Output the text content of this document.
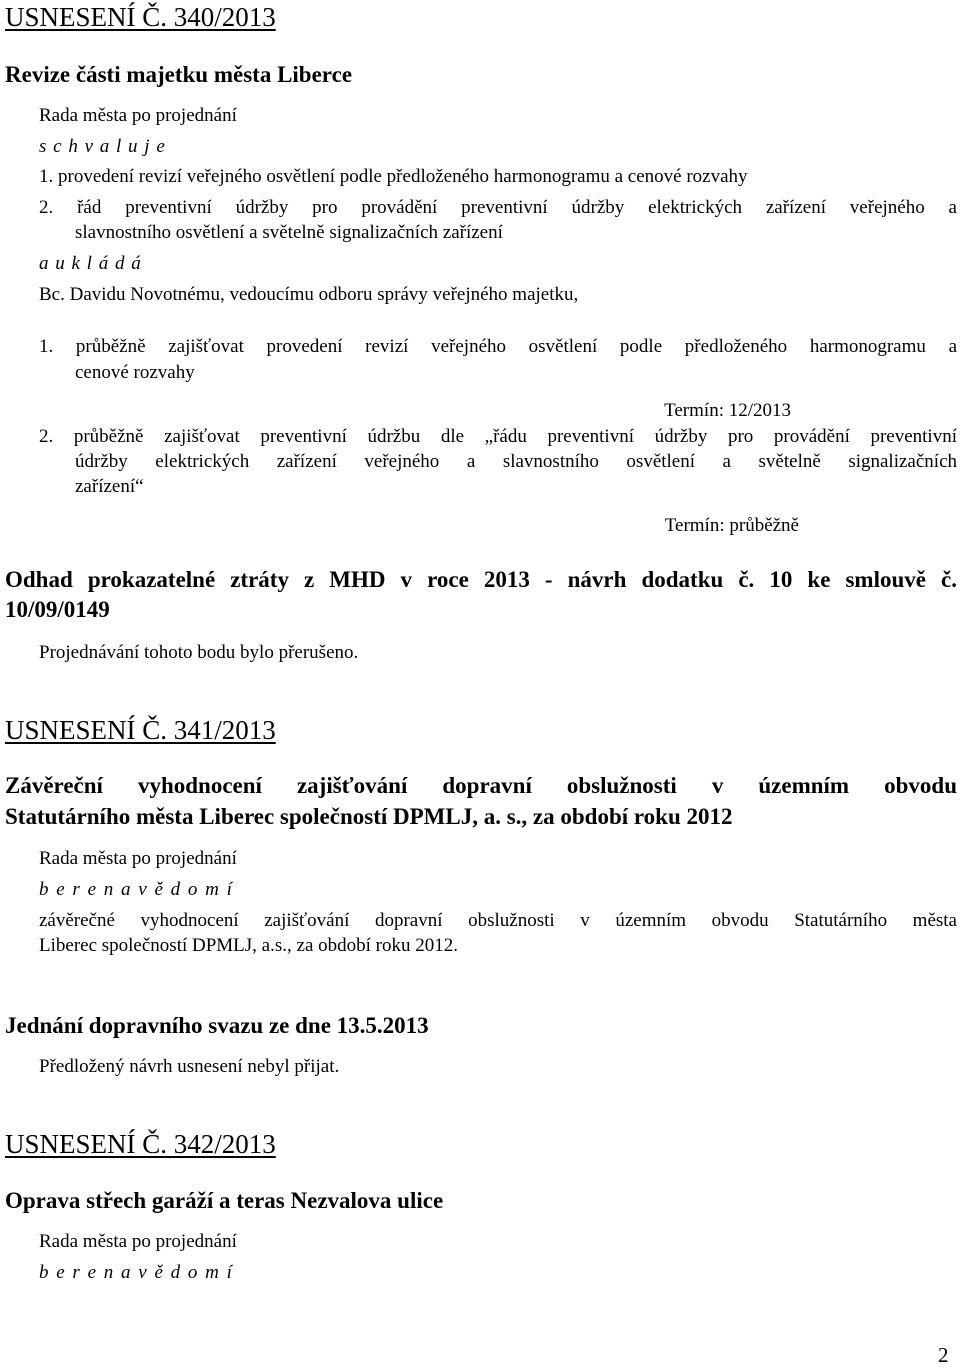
USNESENÍ Č. 340/2013
Revize části majetku města Liberce
Rada města po projednání
s c h v a l u j e
1. provedení revizí veřejného osvětlení podle předloženého harmonogramu a cenové rozvahy
2. řád preventivní údržby pro provádění preventivní údržby elektrických zařízení veřejného a
slavnostního osvětlení a světelně signalizačních zařízení
a u k l á d á
Bc. Davidu Novotnému, vedoucímu odboru správy veřejného majetku,
1. průběžně zajišťovat provedení revizí veřejného osvětlení podle předloženého harmonogramu a
cenové rozvahy
Termín: 12/2013
2. průběžně zajišťovat preventivní údržbu dle „řádu preventivní údržby pro provádění preventivní
údržby elektrických zařízení veřejného a slavnostního osvětlení a světelně signalizačních
zařízení“
Termín: průběžně
Odhad prokazatelné ztráty z MHD v roce 2013 - návrh dodatku č. 10 ke smlouvě č.
10/09/0149
Projednávání tohoto bodu bylo přerušeno.
USNESENÍ Č. 341/2013
Závěreční vyhodnocení zajišťování dopravní obslužnosti v územním obvodu
Statutárního města Liberec společností DPMLJ, a. s., za období roku 2012
Rada města po projednání
b e r e n a v ě d o m í
závěrečné vyhodnocení zajišťování dopravní obslužnosti v územním obvodu Statutárního města
Liberec společností DPMLJ, a.s., za období roku 2012.
Jednání dopravního svazu ze dne 13.5.2013
Předložený návrh usnesení nebyl přijat.
USNESENÍ Č. 342/2013
Oprava střech garáží a teras Nezvalova ulice
Rada města po projednání
b e r e n a v ě d o m í
2
